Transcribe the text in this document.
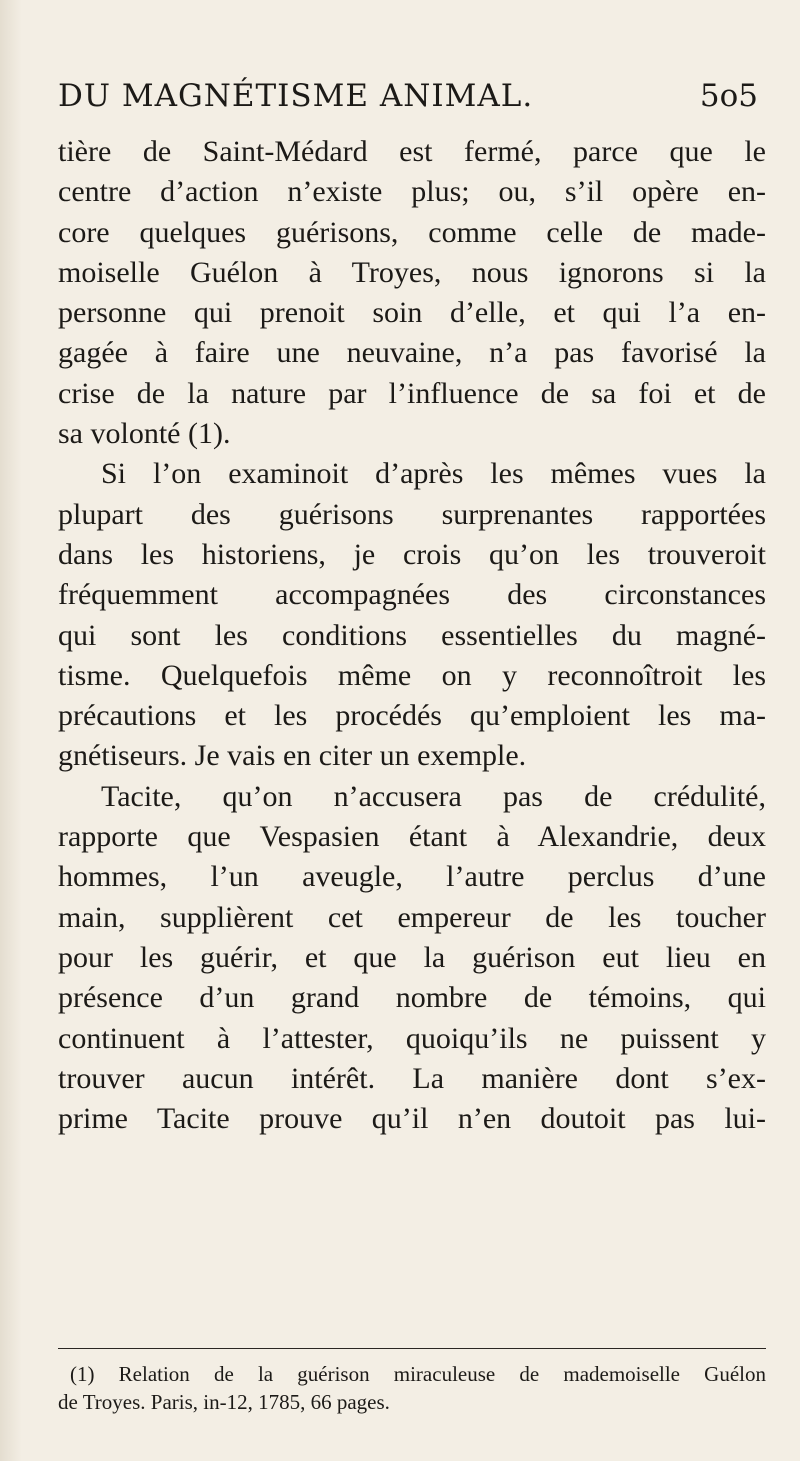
DU MAGNÉTISME ANIMAL.	5o5
tière de Saint-Médard est fermé, parce que le
centre d’action n’existe plus; ou, s’il opère en-
core quelques guérisons, comme celle de made-
moiselle Guélon à Troyes, nous ignorons si la
personne qui prenoit soin d’elle, et qui l’a en-
gagée à faire une neuvaine, n’a pas favorisé la
crise de la nature par l’influence de sa foi et de
sa volonté (1).
Si l’on examinoit d’après les mêmes vues la
plupart des guérisons surprenantes rapportées
dans les historiens, je crois qu’on les trouveroit
fréquemment accompagnées des circonstances
qui sont les conditions essentielles du magné-
tisme. Quelquefois même on y reconnoîtroit les
précautions et les procédés qu’emploient les ma-
gnétiseurs. Je vais en citer un exemple.
Tacite, qu’on n’accusera pas de crédulité,
rapporte que Vespasien étant à Alexandrie, deux
hommes, l’un aveugle, l’autre perclus d’une
main, supplièrent cet empereur de les toucher
pour les guérir, et que la guérison eut lieu en
présence d’un grand nombre de témoins, qui
continuent à l’attester, quoiqu’ils ne puissent y
trouver aucun intérêt. La manière dont s’ex-
prime Tacite prouve qu’il n’en doutoit pas lui-
(1) Relation de la guérison miraculeuse de mademoiselle Guélon
de Troyes. Paris, in-12, 1785, 66 pages.
